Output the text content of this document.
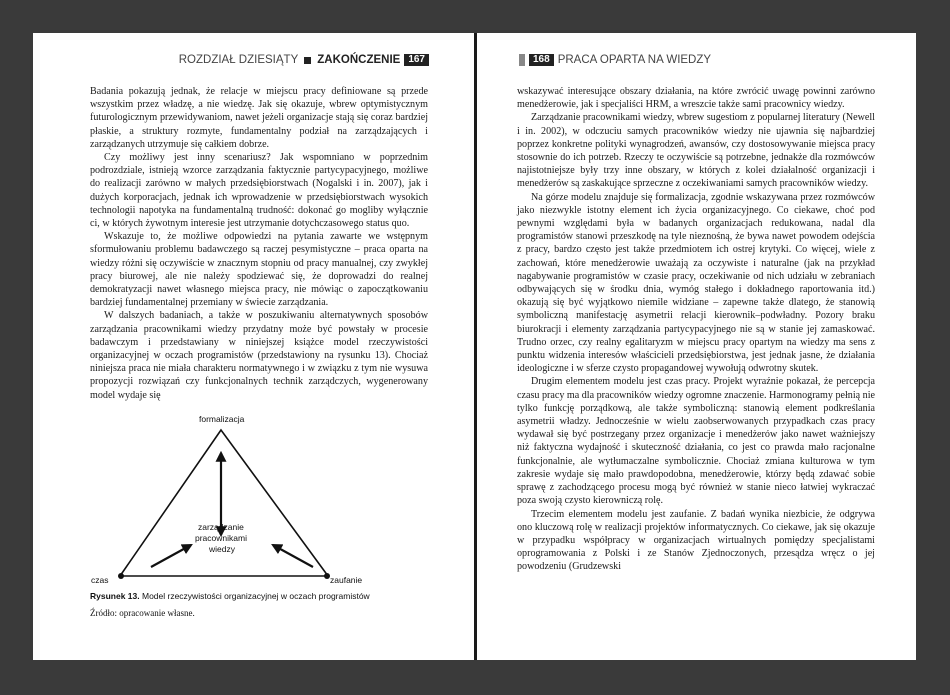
ROZDZIAŁ DZIESIĄTY ZAKOŃCZENIE 167

Badania pokazują jednak, że relacje w miejscu pracy definiowane są przede wszystkim przez władzę, a nie wiedzę. Jak się okazuje, wbrew optymistycznym futurologicznym przewidywaniom, nawet jeżeli organizacje stają się coraz bardziej płaskie, a struktury rozmyte, fundamentalny podział na zarządzających i zarządzanych utrzymuje się całkiem dobrze.

Czy możliwy jest inny scenariusz? Jak wspomniano w poprzednim podrozdziale, istnieją wzorce zarządzania faktycznie partycypacyjnego, możliwe do realizacji zarówno w małych przedsiębiorstwach (Nogalski i in. 2007), jak i dużych korporacjach, jednak ich wprowadzenie w przedsiębiorstwach wysokich technologii napotyka na fundamentalną trudność: dokonać go mogliby wyłącznie ci, w których żywotnym interesie jest utrzymanie dotychczasowego status quo.

Wskazuje to, że możliwe odpowiedzi na pytania zawarte we wstępnym sformułowaniu problemu badawczego są raczej pesymistyczne – praca oparta na wiedzy różni się oczywiście w znacznym stopniu od pracy manualnej, czy zwykłej pracy biurowej, ale nie należy spodziewać się, że doprowadzi do realnej demokratyzacji nawet własnego miejsca pracy, nie mówiąc o zapoczątkowaniu bardziej fundamentalnej przemiany w świecie zarządzania.

W dalszych badaniach, a także w poszukiwaniu alternatywnych sposobów zarządzania pracownikami wiedzy przydatny może być powstały w procesie badawczym i przedstawiany w niniejszej książce model rzeczywistości organizacyjnej w oczach programistów (przedstawiony na rysunku 13). Chociaż niniejsza praca nie miała charakteru normatywnego i w związku z tym nie wysuwa propozycji rozwiązań czy funkcjonalnych technik zarządczych, wygenerowany model wydaje się

formalizacja
zarządzanie
pracownikami
wiedzy
czas	zaufanie
Rysunek 13. Model rzeczywistości organizacyjnej w oczach programistów
Źródło: opracowanie własne.
168 PRACA OPARTA NA WIEDZY

wskazywać interesujące obszary działania, na które zwrócić uwagę powinni zarówno menedżerowie, jak i specjaliści HRM, a wreszcie także sami pracownicy wiedzy.

Zarządzanie pracownikami wiedzy, wbrew sugestiom z popularnej literatury (Newell i in. 2002), w odczuciu samych pracowników wiedzy nie ujawnia się najbardziej poprzez konkretne polityki wynagrodzeń, awansów, czy dostosowywanie miejsca pracy stosownie do ich potrzeb. Rzeczy te oczywiście są potrzebne, jednakże dla rozmówców najistotniejsze były trzy inne obszary, w których z kolei działalność organizacji i menedżerów są zaskakujące sprzeczne z oczekiwaniami samych pracowników wiedzy.

Na górze modelu znajduje się formalizacja, zgodnie wskazywana przez rozmówców jako niezwykle istotny element ich życia organizacyjnego. Co ciekawe, choć pod pewnymi względami była w badanych organizacjach redukowana, nadal dla programistów stanowi przeszkodę na tyle nieznośną, że bywa nawet powodem odejścia z pracy, bardzo często jest także przedmiotem ich ostrej krytyki. Co więcej, wiele z zachowań, które menedżerowie uważają za oczywiste i naturalne (jak na przykład nagabywanie programistów w czasie pracy, oczekiwanie od nich udziału w zebraniach odbywających się w środku dnia, wymóg stałego i dokładnego raportowania itd.) okazują się być wyjątkowo niemile widziane – zapewne także dlatego, że stanowią symboliczną manifestację asymetrii relacji kierownik–podwładny. Pozory braku biurokracji i elementy zarządzania partycypacyjnego nie są w stanie jej zamaskować. Trudno orzec, czy realny egalitaryzm w miejscu pracy opartym na wiedzy ma sens z punktu widzenia interesów właścicieli przedsiębiorstwa, jest jednak jasne, że działania ideologiczne i w sferze czysto propagandowej wywołują odwrotny skutek.

Drugim elementem modelu jest czas pracy. Projekt wyraźnie pokazał, że percepcja czasu pracy ma dla pracowników wiedzy ogromne znaczenie. Harmonogramy pełnią nie tylko funkcję porządkową, ale także symboliczną: stanowią element podkreślania asymetrii władzy. Jednocześnie w wielu zaobserwowanych przypadkach czas pracy wydawał się być postrzegany przez organizacje i menedżerów jako nawet ważniejszy niż faktyczna wydajność i skuteczność działania, co jest co prawda mało racjonalne funkcjonalnie, ale wytłumaczalne symbolicznie. Chociaż zmiana kulturowa w tym zakresie wydaje się mało prawdopodobna, menedżerowie, którzy będą zdawać sobie sprawę z zachodzącego procesu mogą być również w stanie nieco łatwiej wykraczać poza swoją czysto kierowniczą rolę.

Trzecim elementem modelu jest zaufanie. Z badań wynika niezbicie, że odgrywa ono kluczową rolę w realizacji projektów informatycznych. Co ciekawe, jak się okazuje w przypadku współpracy w organizacjach wirtualnych pomiędzy specjalistami oprogramowania z Polski i ze Stanów Zjednoczonych, przesądza wręcz o jej powodzeniu (Grudzewski
